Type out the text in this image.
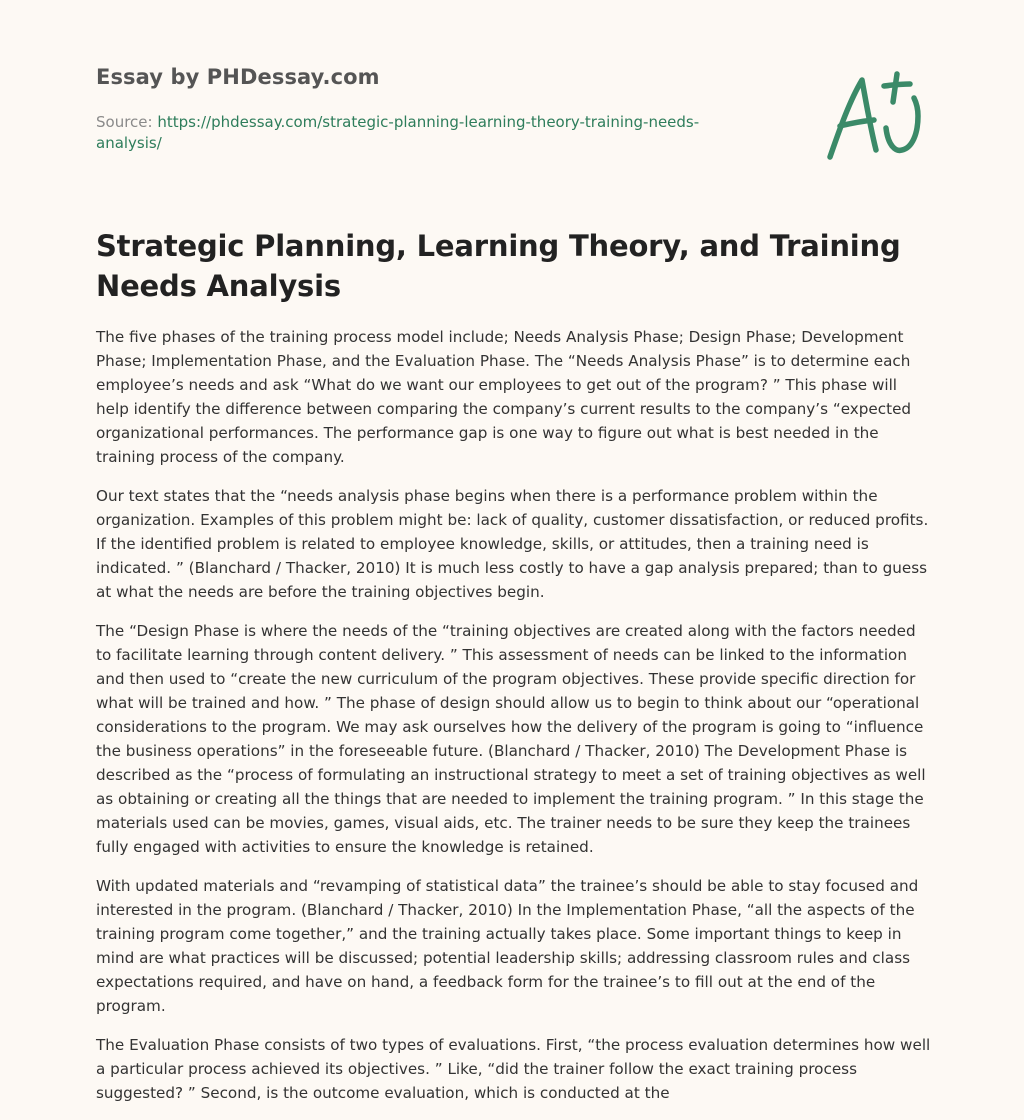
Essay by PHDessay.com
Source: https://phdessay.com/strategic-planning-learning-theory-training-needs-analysis/
Strategic Planning, Learning Theory, and Training Needs Analysis

The five phases of the training process model include; Needs Analysis Phase; Design Phase; Development Phase; Implementation Phase, and the Evaluation Phase. The “Needs Analysis Phase” is to determine each employee’s needs and ask “What do we want our employees to get out of the program? ” This phase will help identify the difference between comparing the company’s current results to the company’s “expected organizational performances. The performance gap is one way to figure out what is best needed in the training process of the company.

Our text states that the “needs analysis phase begins when there is a performance problem within the organization. Examples of this problem might be: lack of quality, customer dissatisfaction, or reduced profits. If the identified problem is related to employee knowledge, skills, or attitudes, then a training need is indicated. ” (Blanchard / Thacker, 2010) It is much less costly to have a gap analysis prepared; than to guess at what the needs are before the training objectives begin.

The “Design Phase is where the needs of the “training objectives are created along with the factors needed to facilitate learning through content delivery. ” This assessment of needs can be linked to the information and then used to “create the new curriculum of the program objectives. These provide specific direction for what will be trained and how. ” The phase of design should allow us to begin to think about our “operational considerations to the program. We may ask ourselves how the delivery of the program is going to “influence the business operations” in the foreseeable future. (Blanchard / Thacker, 2010) The Development Phase is described as the “process of formulating an instructional strategy to meet a set of training objectives as well as obtaining or creating all the things that are needed to implement the training program. ” In this stage the materials used can be movies, games, visual aids, etc. The trainer needs to be sure they keep the trainees fully engaged with activities to ensure the knowledge is retained.

With updated materials and “revamping of statistical data” the trainee’s should be able to stay focused and interested in the program. (Blanchard / Thacker, 2010) In the Implementation Phase, “all the aspects of the training program come together,” and the training actually takes place. Some important things to keep in mind are what practices will be discussed; potential leadership skills; addressing classroom rules and class expectations required, and have on hand, a feedback form for the trainee’s to fill out at the end of the program.

The Evaluation Phase consists of two types of evaluations. First, “the process evaluation determines how well a particular process achieved its objectives. ” Like, “did the trainer follow the exact training process suggested? ” Second, is the outcome evaluation, which is conducted at the
